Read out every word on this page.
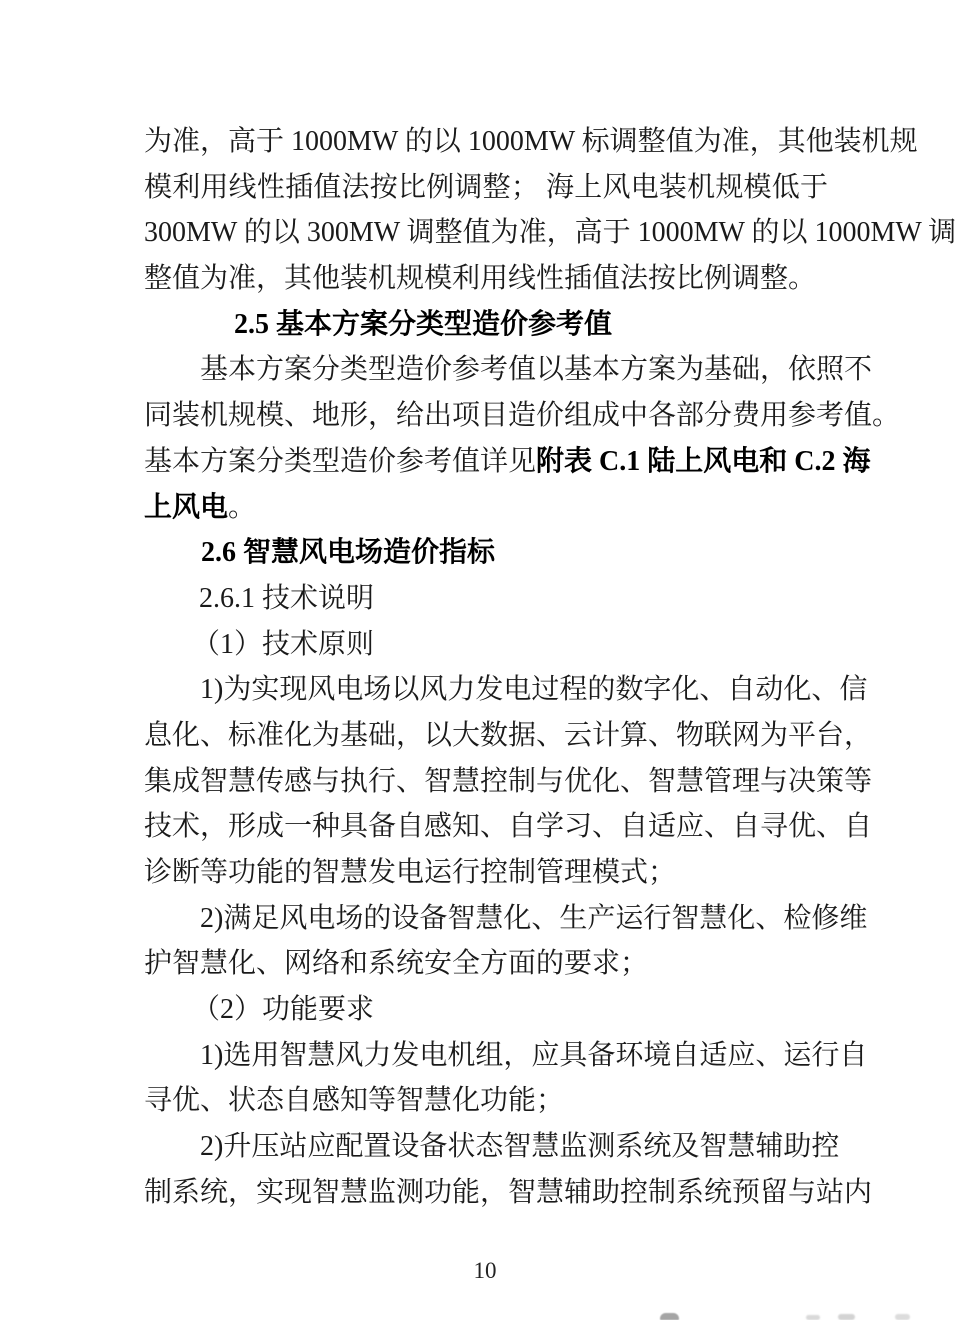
为准，高于 1000MW 的以 1000MW 标调整值为准，其他装机规
模利用线性插值法按比例调整； 海上风电装机规模低于
300MW 的以 300MW 调整值为准，高于 1000MW 的以 1000MW 调
整值为准，其他装机规模利用线性插值法按比例调整。
2.5 基本方案分类型造价参考值
基本方案分类型造价参考值以基本方案为基础，依照不
同装机规模、地形，给出项目造价组成中各部分费用参考值。
基本方案分类型造价参考值详见附表 C.1 陆上风电和 C.2 海
上风电。
2.6 智慧风电场造价指标
2.6.1 技术说明
（1）技术原则
1)为实现风电场以风力发电过程的数字化、自动化、信
息化、标准化为基础，以大数据、云计算、物联网为平台，
集成智慧传感与执行、智慧控制与优化、智慧管理与决策等
技术，形成一种具备自感知、自学习、自适应、自寻优、自
诊断等功能的智慧发电运行控制管理模式；
2)满足风电场的设备智慧化、生产运行智慧化、检修维
护智慧化、网络和系统安全方面的要求；
（2）功能要求
1)选用智慧风力发电机组，应具备环境自适应、运行自
寻优、状态自感知等智慧化功能；
2)升压站应配置设备状态智慧监测系统及智慧辅助控
制系统，实现智慧监测功能，智慧辅助控制系统预留与站内
10
